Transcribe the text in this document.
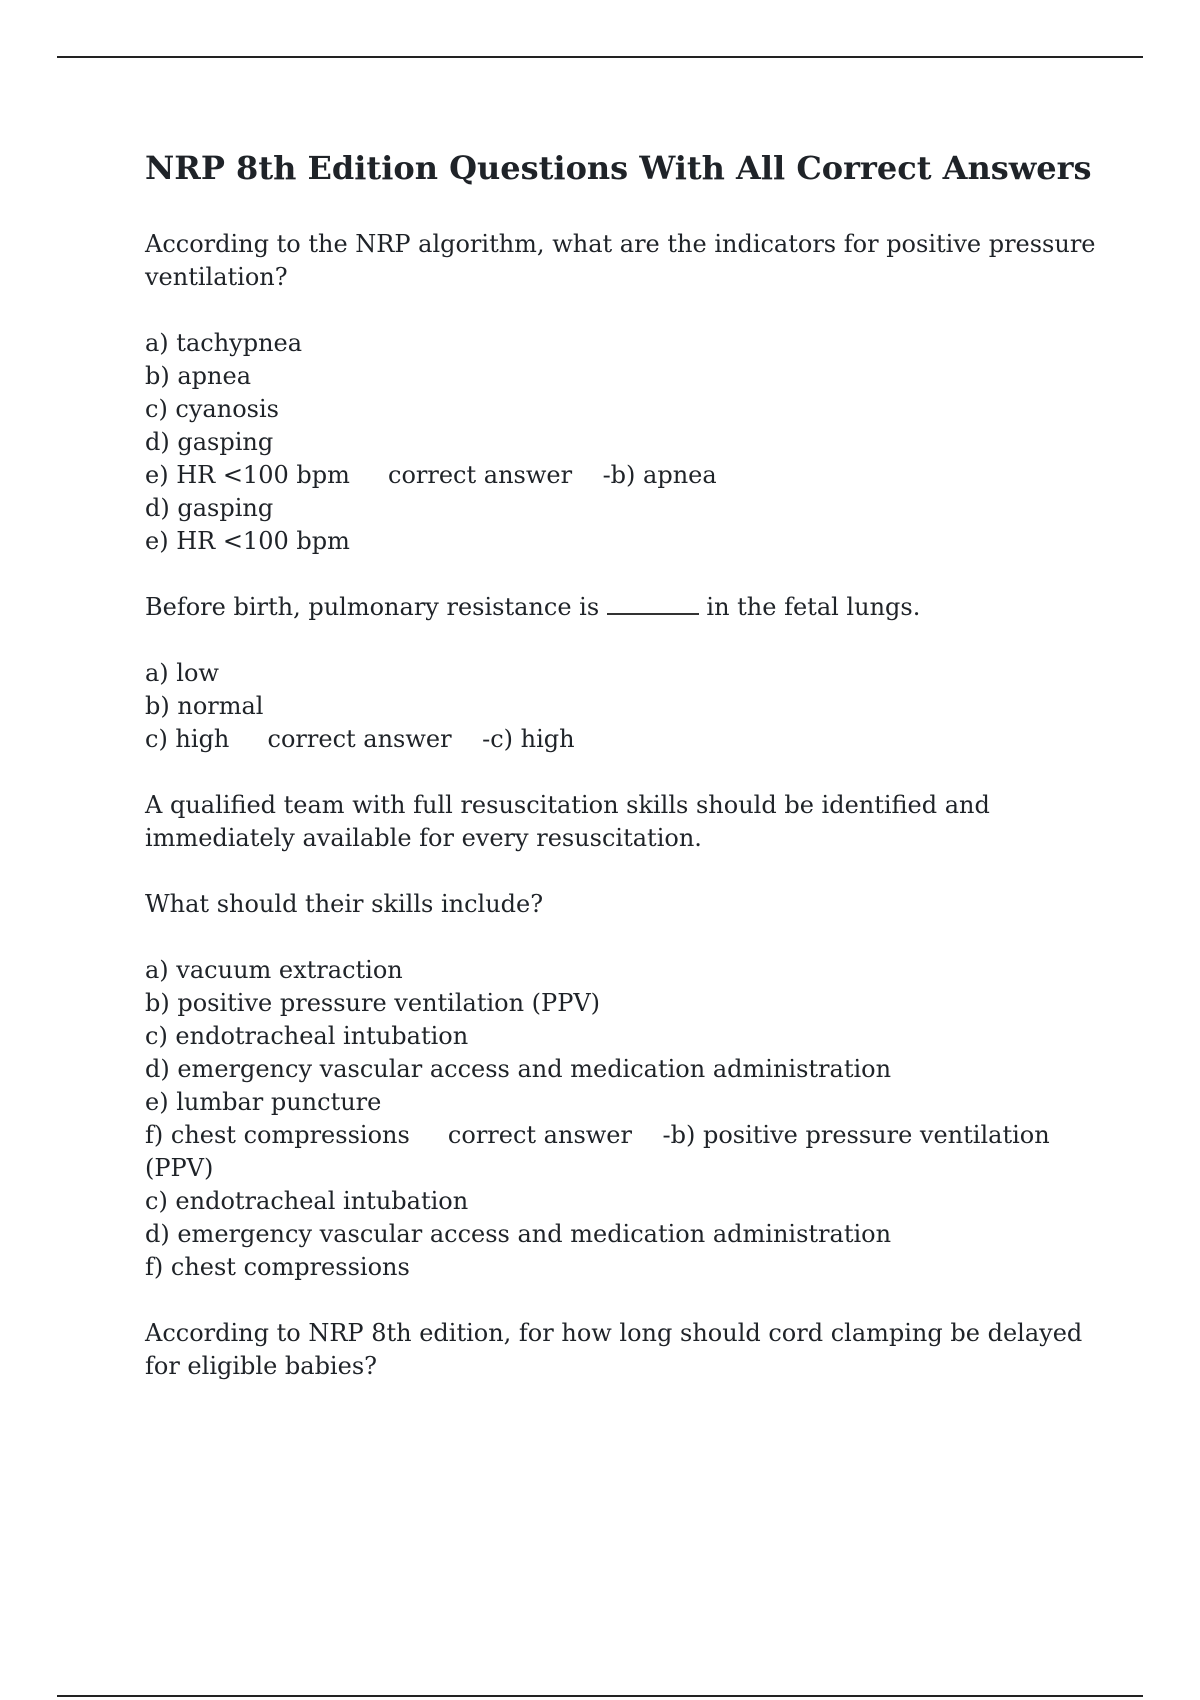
NRP 8th Edition Questions With All Correct Answers
According to the NRP algorithm, what are the indicators for positive pressure
ventilation?
a) tachypnea
b) apnea
c) cyanosis
d) gasping
e) HR <100 bpm     correct answer    -b) apnea
d) gasping
e) HR <100 bpm
Before birth, pulmonary resistance is	in the fetal lungs.
a) low
b) normal
c) high     correct answer    -c) high
A qualified team with full resuscitation skills should be identified and
immediately available for every resuscitation.
What should their skills include?
a) vacuum extraction
b) positive pressure ventilation (PPV)
c) endotracheal intubation
d) emergency vascular access and medication administration
e) lumbar puncture
f) chest compressions     correct answer    -b) positive pressure ventilation
(PPV)
c) endotracheal intubation
d) emergency vascular access and medication administration
f) chest compressions
According to NRP 8th edition, for how long should cord clamping be delayed
for eligible babies?
